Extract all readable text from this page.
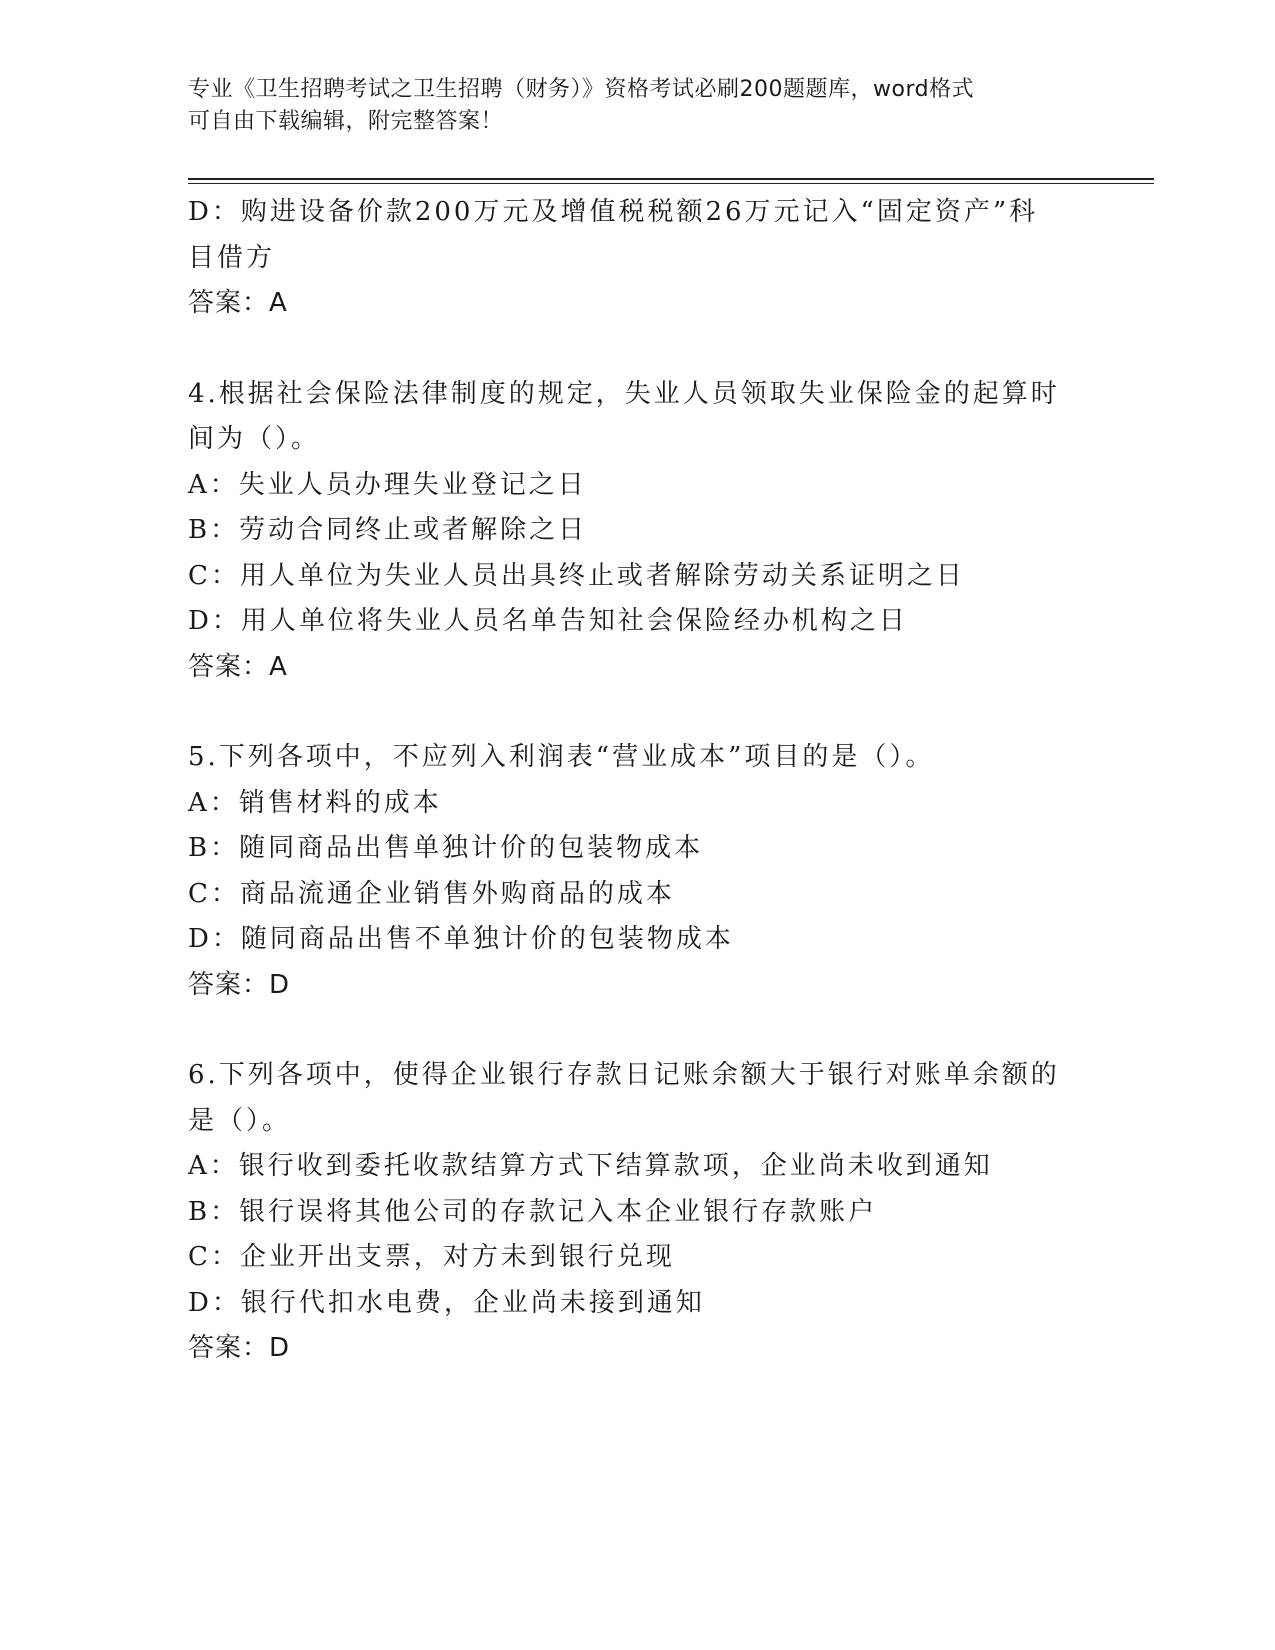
专业《卫生招聘考试之卫生招聘（财务）》资格考试必刷200题题库，word格式
可自由下载编辑，附完整答案！
D：购进设备价款200万元及增值税税额26万元记入“固定资产”科
目借方
答案：A
4.根据社会保险法律制度的规定，失业人员领取失业保险金的起算时
间为（）。
A：失业人员办理失业登记之日
B：劳动合同终止或者解除之日
C：用人单位为失业人员出具终止或者解除劳动关系证明之日
D：用人单位将失业人员名单告知社会保险经办机构之日
答案：A
5.下列各项中，不应列入利润表“营业成本”项目的是（）。
A：销售材料的成本
B：随同商品出售单独计价的包装物成本
C：商品流通企业销售外购商品的成本
D：随同商品出售不单独计价的包装物成本
答案：D
6.下列各项中，使得企业银行存款日记账余额大于银行对账单余额的
是（）。
A：银行收到委托收款结算方式下结算款项，企业尚未收到通知
B：银行误将其他公司的存款记入本企业银行存款账户
C：企业开出支票，对方未到银行兑现
D：银行代扣水电费，企业尚未接到通知
答案：D
